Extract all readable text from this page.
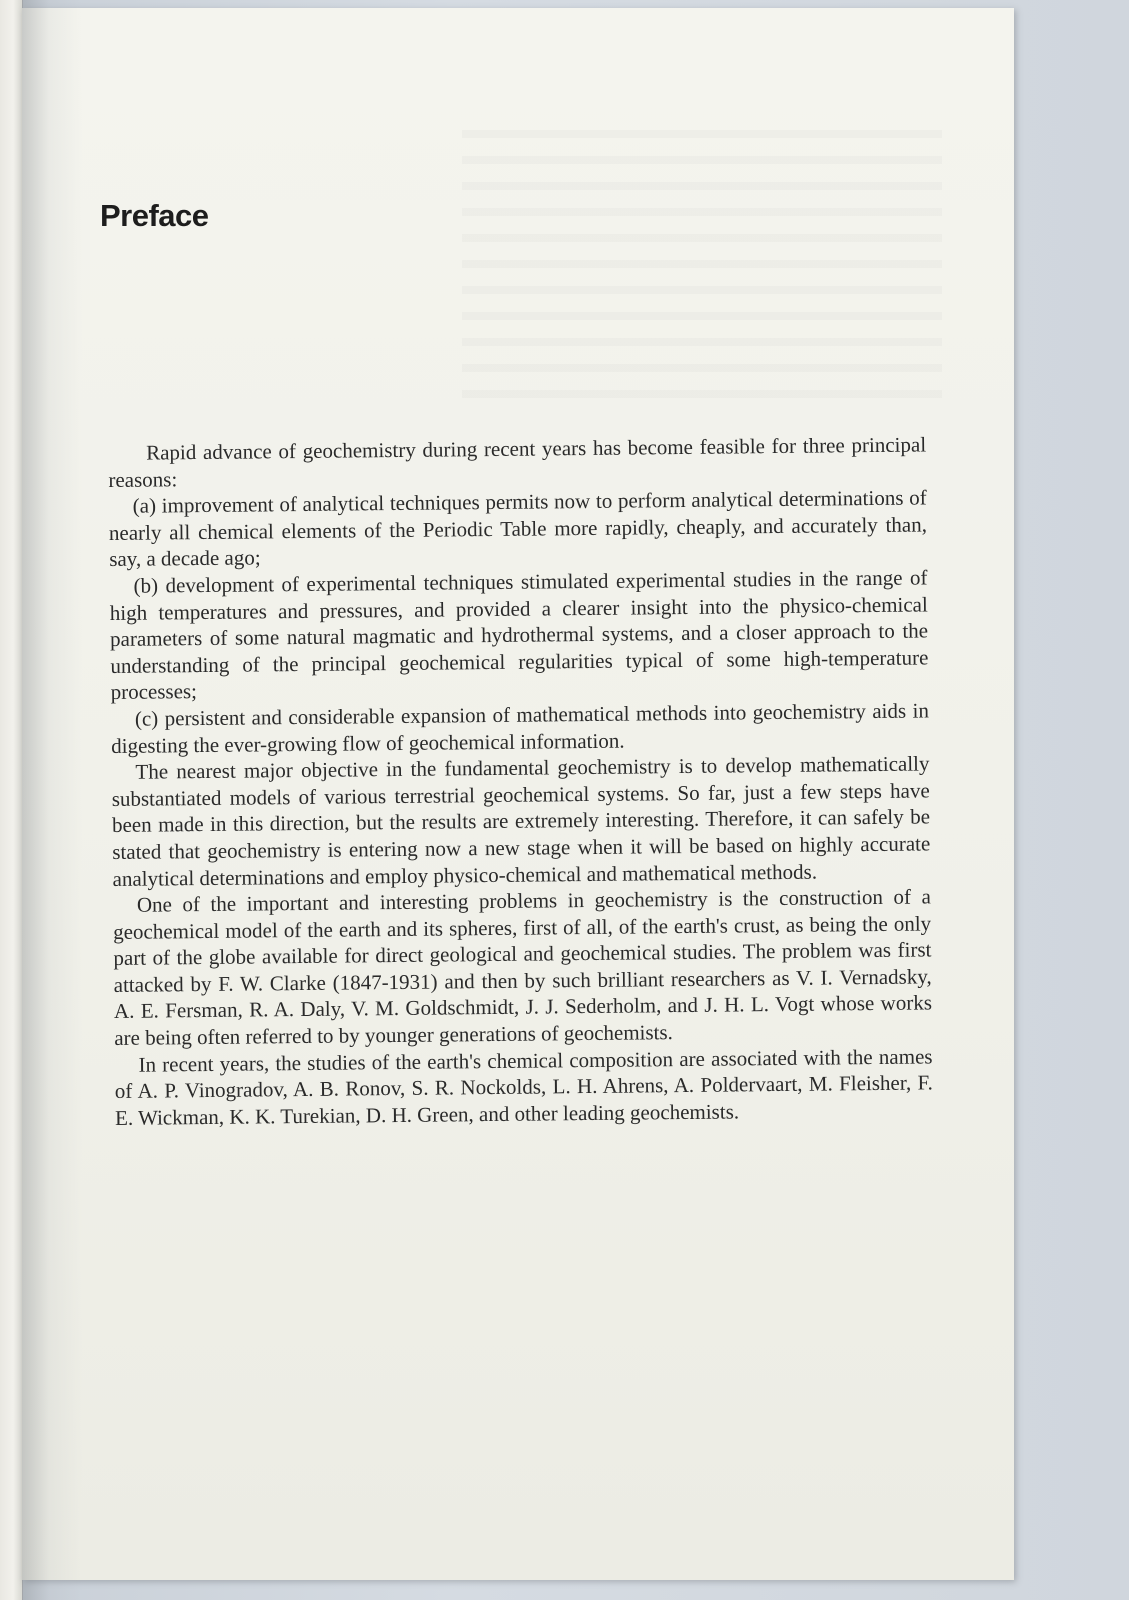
Preface

Rapid advance of geochemistry during recent years has become feasible for three principal reasons:

(a) improvement of analytical techniques permits now to perform analytical determinations of nearly all chemical elements of the Periodic Table more rapidly, cheaply, and accurately than, say, a decade ago;

(b) development of experimental techniques stimulated experimental studies in the range of high temperatures and pressures, and provided a clearer insight into the physico-chemical parameters of some natural magmatic and hydrothermal systems, and a closer approach to the understanding of the principal geochemical regularities typical of some high-temperature processes;

(c) persistent and considerable expansion of mathematical methods into geochemistry aids in digesting the ever-growing flow of geochemical information.

The nearest major objective in the fundamental geochemistry is to develop mathematically substantiated models of various terrestrial geochemical systems. So far, just a few steps have been made in this direction, but the results are extremely interesting. Therefore, it can safely be stated that geochemistry is entering now a new stage when it will be based on highly accurate analytical determinations and employ physico-chemical and mathematical methods.

One of the important and interesting problems in geochemistry is the construction of a geochemical model of the earth and its spheres, first of all, of the earth's crust, as being the only part of the globe available for direct geological and geochemical studies. The problem was first attacked by F. W. Clarke (1847-1931) and then by such brilliant researchers as V. I. Vernadsky, A. E. Fersman, R. A. Daly, V. M. Goldschmidt, J. J. Sederholm, and J. H. L. Vogt whose works are being often referred to by younger generations of geochemists.

In recent years, the studies of the earth's chemical composition are associated with the names of A. P. Vinogradov, A. B. Ronov, S. R. Nockolds, L. H. Ahrens, A. Poldervaart, M. Fleisher, F. E. Wickman, K. K. Turekian, D. H. Green, and other leading geochemists.
